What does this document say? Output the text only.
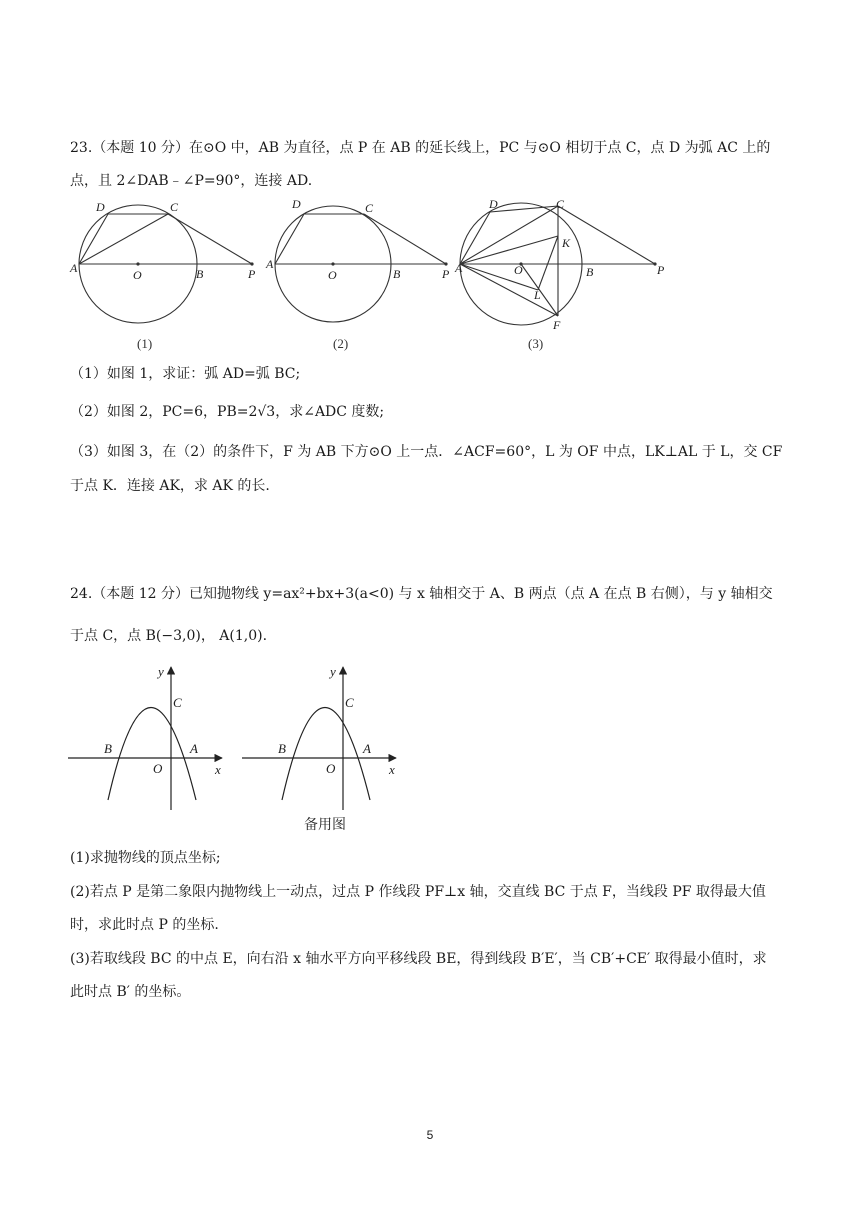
23.（本题 10 分）在⊙O 中，AB 为直径，点 P 在 AB 的延长线上，PC 与⊙O 相切于点 C，点 D 为弧 AC 上的
点，且 2∠DAB﹣∠P=90°，连接 AD.
A
D	C
O	B	P
A
D	C
O	B	P A
D	C
O	B	P
K
L
F
(1)	(2)	(3)
（1）如图 1，求证：弧 AD=弧 BC;
（2）如图 2，PC=6，PB=2√3，求∠ADC 度数;
（3）如图 3，在（2）的条件下，F 为 AB 下方⊙O 上一点．∠ACF=60°，L 为 OF 中点，LK⊥AL 于 L，交 CF
于点 K．连接 AK，求 AK 的长.
24.（本题 12 分）已知抛物线 y=ax²+bx+3(a<0) 与 x 轴相交于 A、B 两点（点 A 在点 B 右侧），与 y 轴相交
于点 C，点 B(−3,0)， A(1,0).
y
x
O
B	A
C
y
x
O
B	A
C
备用图
(1)求抛物线的顶点坐标;
(2)若点 P 是第二象限内抛物线上一动点，过点 P 作线段 PF⊥x 轴，交直线 BC 于点 F，当线段 PF 取得最大值
时，求此时点 P 的坐标.
(3)若取线段 BC 的中点 E，向右沿 x 轴水平方向平移线段 BE，得到线段 B′E′，当 CB′+CE′ 取得最小值时，求
此时点 B′ 的坐标。
5
